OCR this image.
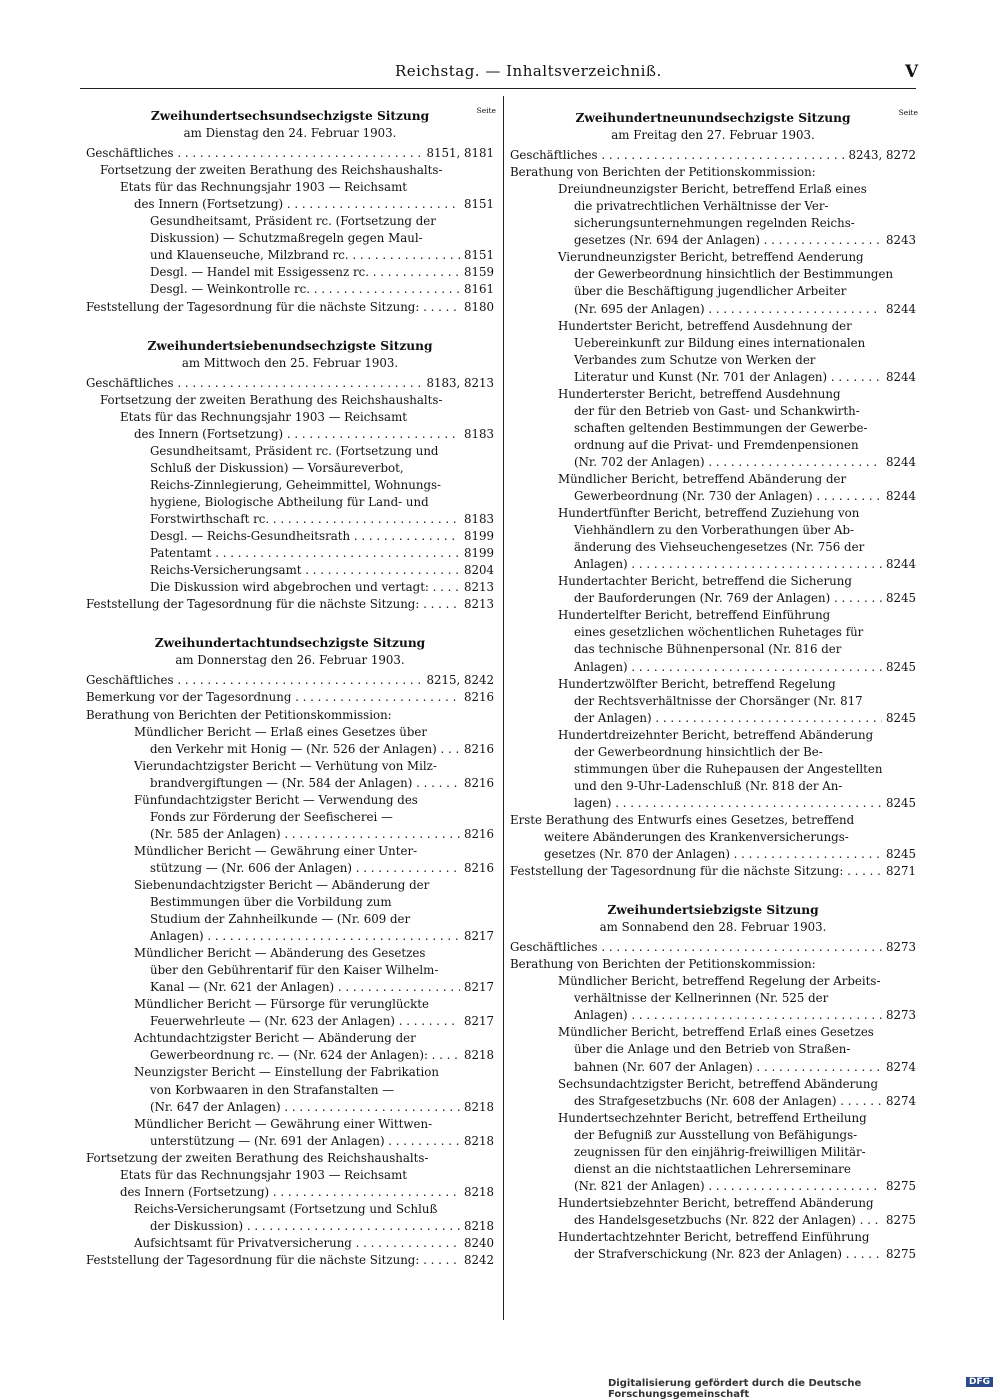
Reichstag. — Inhaltsverzeichniß.	V
Zweihundertsechsundsechzigste Sitzung	Seite
am Dienstag den 24. Februar 1903.
Geschäftliches . . .	8151, 8181
Fortsetzung der zweiten Berathung des Reichshaushalts-
Etats für das Rechnungsjahr 1903 — Reichsamt
des Innern (Fortsetzung) . . .	8151
Gesundheitsamt, Präsident rc. (Fortsetzung der
Diskussion) — Schutzmaßregeln gegen Maul-
und Klauenseuche, Milzbrand rc. . . .	8151
Desgl. — Handel mit Essigessenz rc. . . .	8159
Desgl. — Weinkontrolle rc. . . .	8161
Feststellung der Tagesordnung für die nächste Sitzung: . . .	8180
Zweihundertsiebenundsechzigste Sitzung
am Mittwoch den 25. Februar 1903.
Geschäftliches . . .	8183, 8213
Fortsetzung der zweiten Berathung des Reichshaushalts-
Etats für das Rechnungsjahr 1903 — Reichsamt
des Innern (Fortsetzung) . . .	8183
Gesundheitsamt, Präsident rc. (Fortsetzung und
Schluß der Diskussion) — Vorsäureverbot,
Reichs-Zinnlegierung, Geheimmittel, Wohnungs-
hygiene, Biologische Abtheilung für Land- und
Forstwirthschaft rc. . . .	8183
Desgl. — Reichs-Gesundheitsrath . . .	8199
Patentamt . . .	8199
Reichs-Versicherungsamt . . .	8204
Die Diskussion wird abgebrochen und vertagt: . . .	8213
Feststellung der Tagesordnung für die nächste Sitzung: . . .	8213
Zweihundertachtundsechzigste Sitzung
am Donnerstag den 26. Februar 1903.
Geschäftliches . . .	8215, 8242
Bemerkung vor der Tagesordnung . . .	8216
Berathung von Berichten der Petitionskommission:
Mündlicher Bericht — Erlaß eines Gesetzes über
den Verkehr mit Honig — (Nr. 526 der Anlagen) . . .	8216
Vierundachtzigster Bericht — Verhütung von Milz-
brandvergiftungen — (Nr. 584 der Anlagen) . . .	8216
Fünfundachtzigster Bericht — Verwendung des
Fonds zur Förderung der Seefischerei —
(Nr. 585 der Anlagen) . . .	8216
Mündlicher Bericht — Gewährung einer Unter-
stützung — (Nr. 606 der Anlagen) . . .	8216
Siebenundachtzigster Bericht — Abänderung der
Bestimmungen über die Vorbildung zum
Studium der Zahnheilkunde — (Nr. 609 der
Anlagen) . . .	8217
Mündlicher Bericht — Abänderung des Gesetzes
über den Gebührentarif für den Kaiser Wilhelm-
Kanal — (Nr. 621 der Anlagen) . . .	8217
Mündlicher Bericht — Fürsorge für verunglückte
Feuerwehrleute — (Nr. 623 der Anlagen) . . .	8217
Achtundachtzigster Bericht — Abänderung der
Gewerbeordnung rc. — (Nr. 624 der Anlagen): . . .	8218
Neunzigster Bericht — Einstellung der Fabrikation
von Korbwaaren in den Strafanstalten —
(Nr. 647 der Anlagen) . . .	8218
Mündlicher Bericht — Gewährung einer Wittwen-
unterstützung — (Nr. 691 der Anlagen) . . .	8218
Fortsetzung der zweiten Berathung des Reichshaushalts-
Etats für das Rechnungsjahr 1903 — Reichsamt
des Innern (Fortsetzung) . . .	8218
Reichs-Versicherungsamt (Fortsetzung und Schluß
der Diskussion) . . .	8218
Aufsichtsamt für Privatversicherung . . .	8240
Feststellung der Tagesordnung für die nächste Sitzung: . . .	8242
Zweihundertneunundsechzigste Sitzung	Seite
am Freitag den 27. Februar 1903.
Geschäftliches . . .	8243, 8272
Berathung von Berichten der Petitionskommission:
Dreiundneunzigster Bericht, betreffend Erlaß eines
die privatrechtlichen Verhältnisse der Ver-
sicherungsunternehmungen regelnden Reichs-
gesetzes (Nr. 694 der Anlagen) . . .	8243
Vierundneunzigster Bericht, betreffend Aenderung
der Gewerbeordnung hinsichtlich der Bestimmungen
über die Beschäftigung jugendlicher Arbeiter
(Nr. 695 der Anlagen) . . .	8244
Hundertster Bericht, betreffend Ausdehnung der
Uebereinkunft zur Bildung eines internationalen
Verbandes zum Schutze von Werken der
Literatur und Kunst (Nr. 701 der Anlagen) . . .	8244
Hunderterster Bericht, betreffend Ausdehnung
der für den Betrieb von Gast- und Schankwirth-
schaften geltenden Bestimmungen der Gewerbe-
ordnung auf die Privat- und Fremdenpensionen
(Nr. 702 der Anlagen) . . .	8244
Mündlicher Bericht, betreffend Abänderung der
Gewerbeordnung (Nr. 730 der Anlagen) . . .	8244
Hundertfünfter Bericht, betreffend Zuziehung von
Viehhändlern zu den Vorberathungen über Ab-
änderung des Viehseuchengesetzes (Nr. 756 der
Anlagen) . . .	8244
Hundertachter Bericht, betreffend die Sicherung
der Bauforderungen (Nr. 769 der Anlagen) . . .	8245
Hundertelfter Bericht, betreffend Einführung
eines gesetzlichen wöchentlichen Ruhetages für
das technische Bühnenpersonal (Nr. 816 der
Anlagen) . . .	8245
Hundertzwölfter Bericht, betreffend Regelung
der Rechtsverhältnisse der Chorsänger (Nr. 817
der Anlagen) . . .	8245
Hundertdreizehnter Bericht, betreffend Abänderung
der Gewerbeordnung hinsichtlich der Be-
stimmungen über die Ruhepausen der Angestellten
und den 9-Uhr-Ladenschluß (Nr. 818 der An-
lagen) . . .	8245
Erste Berathung des Entwurfs eines Gesetzes, betreffend
weitere Abänderungen des Krankenversicherungs-
gesetzes (Nr. 870 der Anlagen) . . .	8245
Feststellung der Tagesordnung für die nächste Sitzung: . . .	8271
Zweihundertsiebzigste Sitzung
am Sonnabend den 28. Februar 1903.
Geschäftliches . . .	8273
Berathung von Berichten der Petitionskommission:
Mündlicher Bericht, betreffend Regelung der Arbeits-
verhältnisse der Kellnerinnen (Nr. 525 der
Anlagen) . . .	8273
Mündlicher Bericht, betreffend Erlaß eines Gesetzes
über die Anlage und den Betrieb von Straßen-
bahnen (Nr. 607 der Anlagen) . . .	8274
Sechsundachtzigster Bericht, betreffend Abänderung
des Strafgesetzbuchs (Nr. 608 der Anlagen) . . .	8274
Hundertsechzehnter Bericht, betreffend Ertheilung
der Befugniß zur Ausstellung von Befähigungs-
zeugnissen für den einjährig-freiwilligen Militär-
dienst an die nichtstaatlichen Lehrerseminare
(Nr. 821 der Anlagen) . . .	8275
Hundertsiebzehnter Bericht, betreffend Abänderung
des Handelsgesetzbuchs (Nr. 822 der Anlagen) . . .	8275
Hundertachtzehnter Bericht, betreffend Einführung
der Strafverschickung (Nr. 823 der Anlagen) . . .	8275
Digitalisierung gefördert durch die Deutsche Forschungsgemeinschaft
DFG
